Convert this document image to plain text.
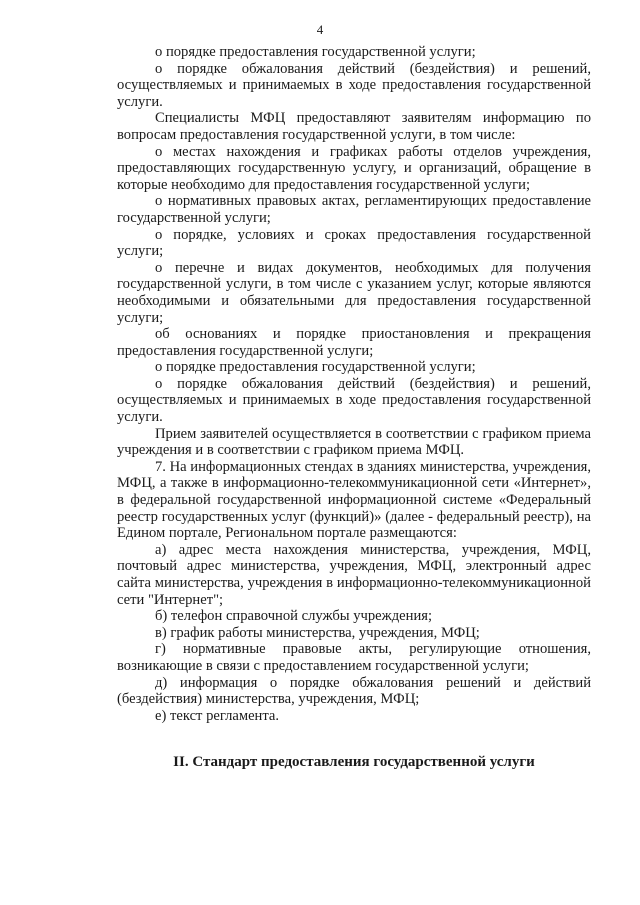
4

о порядке предоставления государственной услуги;

о порядке обжалования действий (бездействия) и решений, осуществляемых и принимаемых в ходе предоставления государственной услуги.

Специалисты МФЦ предоставляют заявителям информацию по вопросам предоставления государственной услуги, в том числе:

о местах нахождения и графиках работы отделов учреждения, предоставляющих государственную услугу, и организаций, обращение в которые необходимо для предоставления государственной услуги;

о нормативных правовых актах, регламентирующих предоставление государственной услуги;

о порядке, условиях и сроках предоставления государственной услуги;

о перечне и видах документов, необходимых для получения государственной услуги, в том числе с указанием услуг, которые являются необходимыми и обязательными для предоставления государственной услуги;

об основаниях и порядке приостановления и прекращения предоставления государственной услуги;

о порядке предоставления государственной услуги;

о порядке обжалования действий (бездействия) и решений, осуществляемых и принимаемых в ходе предоставления государственной услуги.

Прием заявителей осуществляется в соответствии с графиком приема учреждения и в соответствии с графиком приема МФЦ.

7. На информационных стендах в зданиях министерства, учреждения, МФЦ, а также в информационно-телекоммуникационной сети «Интернет», в федеральной государственной информационной системе «Федеральный реестр государственных услуг (функций)» (далее - федеральный реестр), на Едином портале, Региональном портале размещаются:

а) адрес места нахождения министерства, учреждения, МФЦ, почтовый адрес министерства, учреждения, МФЦ, электронный адрес сайта министерства, учреждения в информационно-телекоммуникационной сети "Интернет";

б) телефон справочной службы учреждения;

в) график работы министерства, учреждения, МФЦ;

г) нормативные правовые акты, регулирующие отношения, возникающие в связи с предоставлением государственной услуги;

д) информация о порядке обжалования решений и действий (бездействия) министерства, учреждения, МФЦ;

е) текст регламента.

II. Стандарт предоставления государственной услуги
